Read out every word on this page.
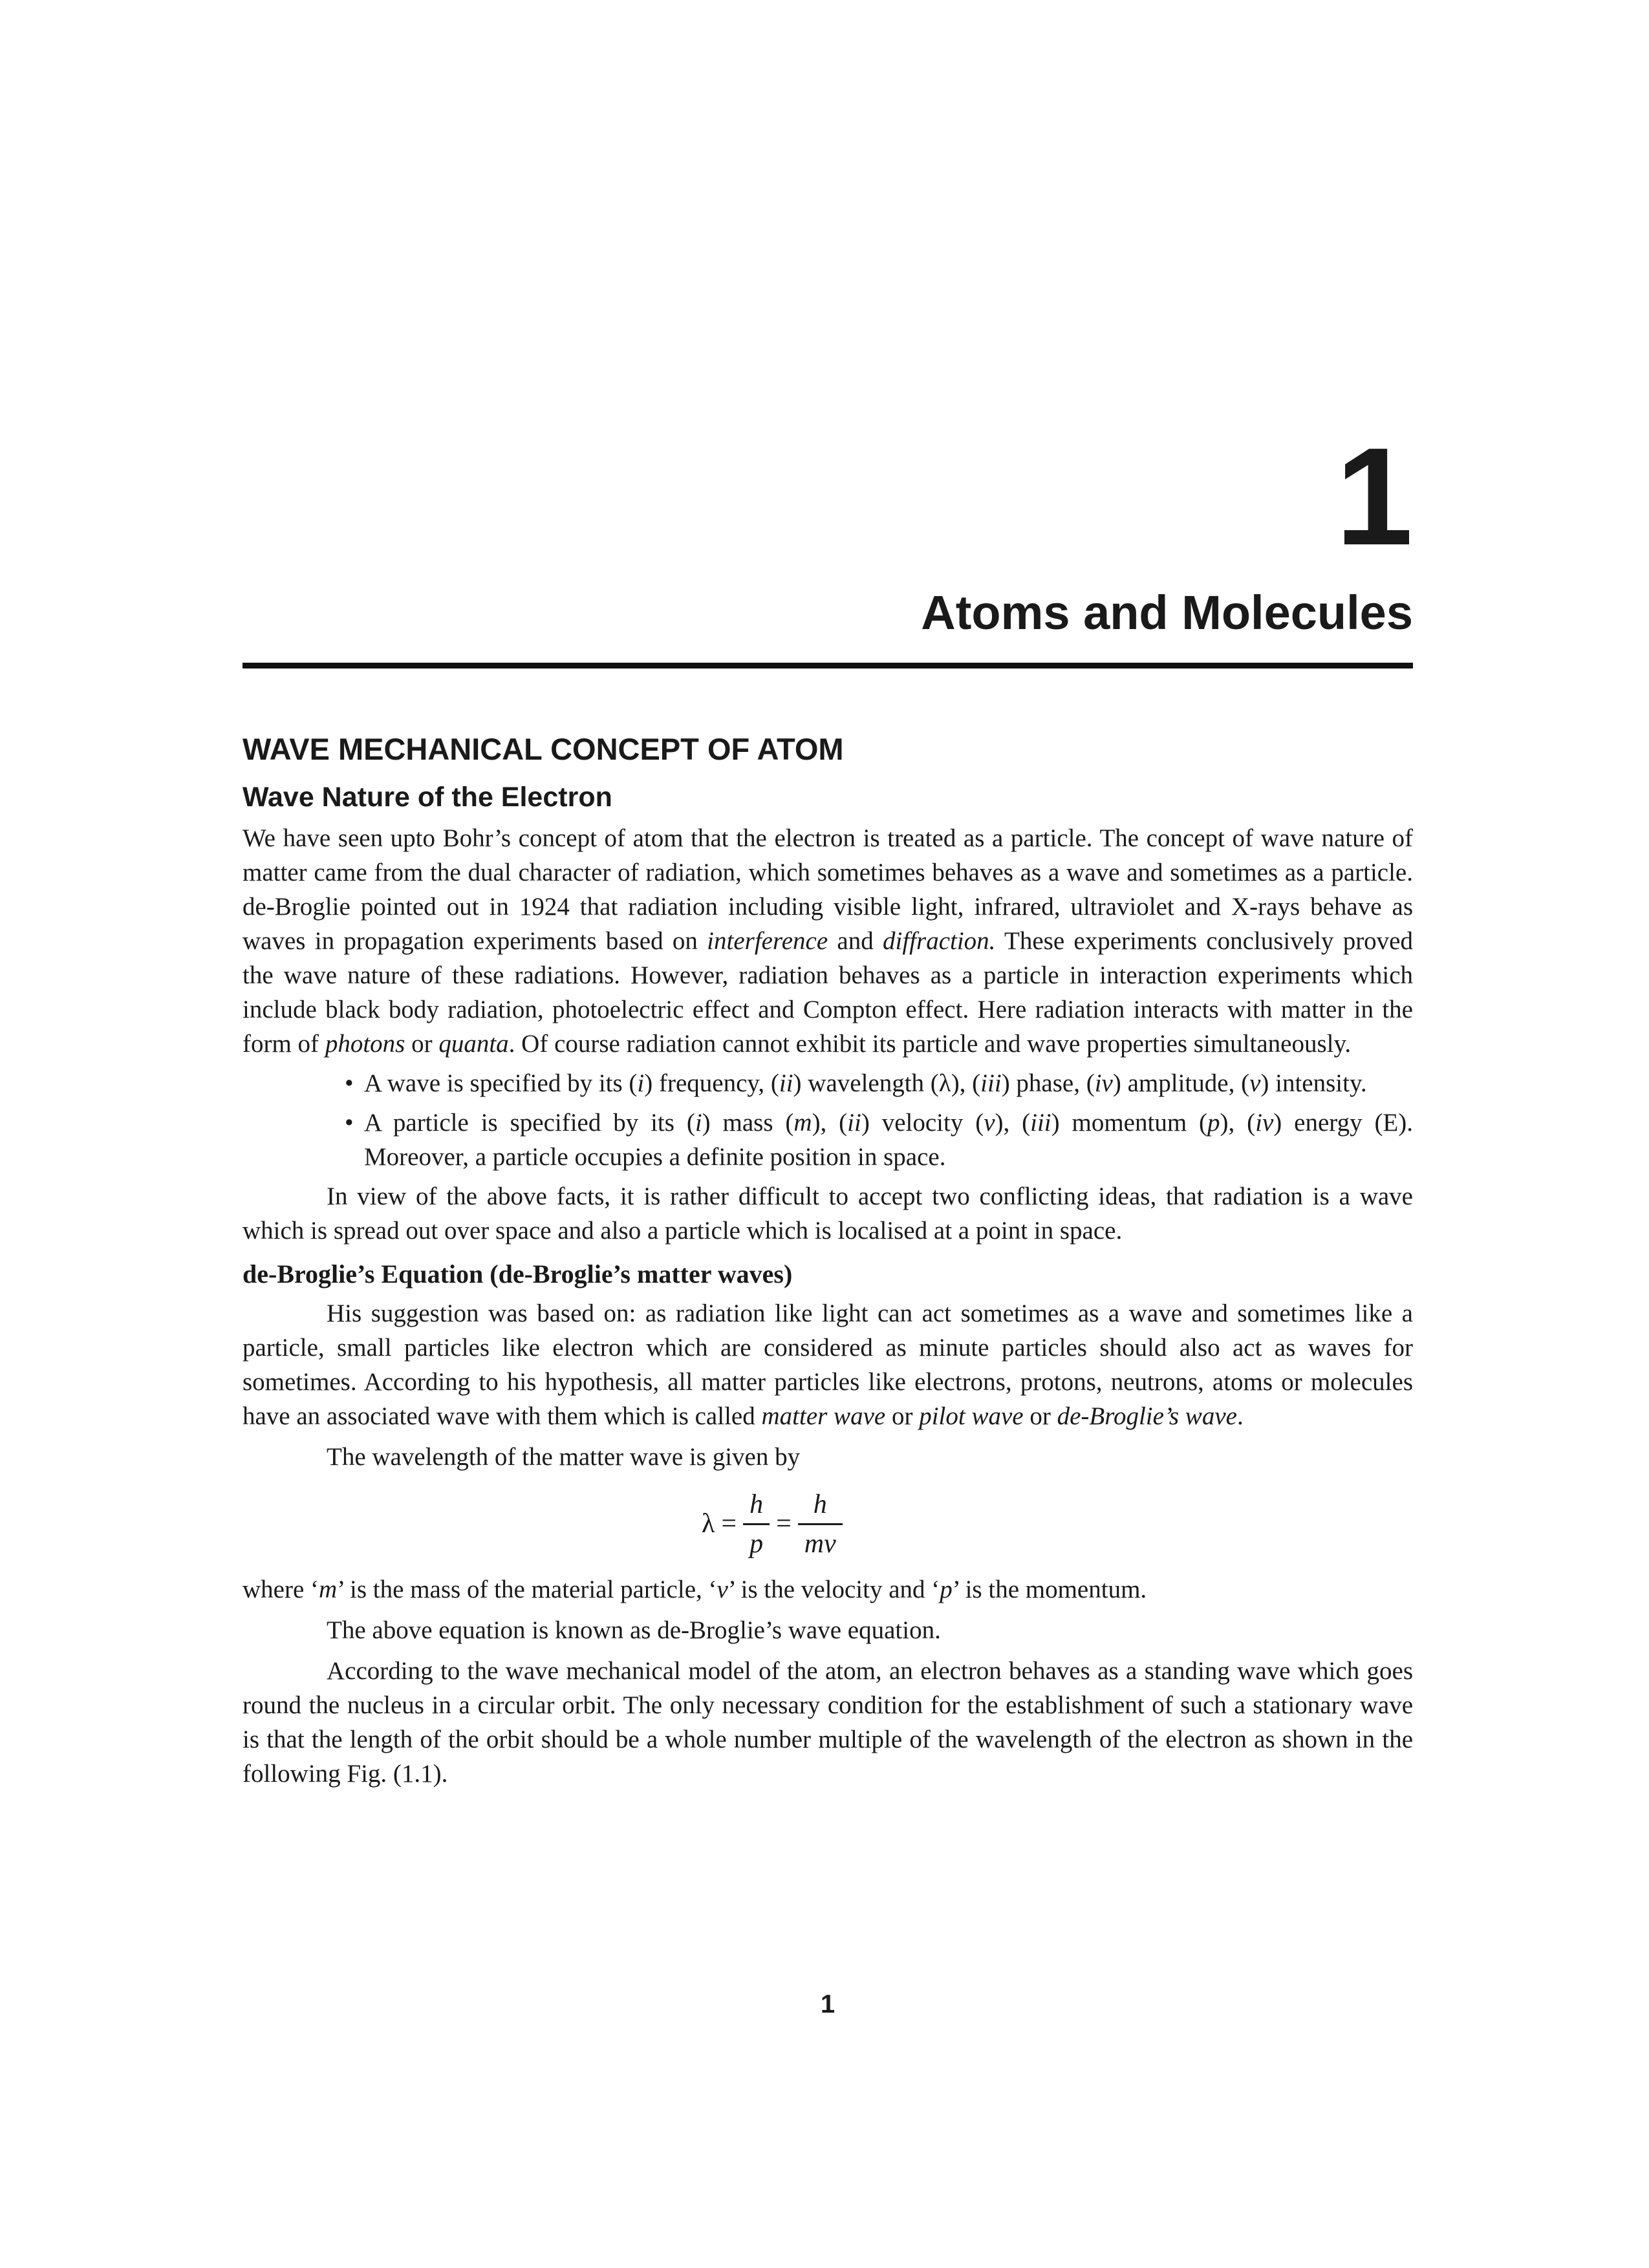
1
Atoms and Molecules
WAVE MECHANICAL CONCEPT OF ATOM
Wave Nature of the Electron

We have seen upto Bohr’s concept of atom that the electron is treated as a particle. The concept of wave nature of matter came from the dual character of radiation, which sometimes behaves as a wave and sometimes as a particle. de-Broglie pointed out in 1924 that radiation including visible light, infrared, ultraviolet and X-rays behave as waves in propagation experiments based on interference and diffraction. These experiments conclusively proved the wave nature of these radiations. However, radiation behaves as a particle in interaction experiments which include black body radiation, photoelectric effect and Compton effect. Here radiation interacts with matter in the form of photons or quanta. Of course radiation cannot exhibit its particle and wave properties simultaneously.

• A wave is specified by its (i) frequency, (ii) wavelength (λ), (iii) phase, (iv) amplitude, (v) intensity.
• A particle is specified by its (i) mass (m), (ii) velocity (v), (iii) momentum (p), (iv) energy (E). Moreover, a particle occupies a definite position in space.

In view of the above facts, it is rather difficult to accept two conflicting ideas, that radiation is a wave which is spread out over space and also a particle which is localised at a point in space.

de-Broglie’s Equation (de-Broglie’s matter waves)

His suggestion was based on: as radiation like light can act sometimes as a wave and sometimes like a particle, small particles like electron which are considered as minute particles should also act as waves for sometimes. According to his hypothesis, all matter particles like electrons, protons, neutrons, atoms or molecules have an associated wave with them which is called matter wave or pilot wave or de-Broglie’s wave.

The wavelength of the matter wave is given by

$\lambda = \frac{h}{p} = \frac{h}{mv}$

where ‘m’ is the mass of the material particle, ‘v’ is the velocity and ‘p’ is the momentum.

The above equation is known as de-Broglie’s wave equation.

According to the wave mechanical model of the atom, an electron behaves as a standing wave which goes round the nucleus in a circular orbit. The only necessary condition for the establishment of such a stationary wave is that the length of the orbit should be a whole number multiple of the wavelength of the electron as shown in the following Fig. (1.1).

1
